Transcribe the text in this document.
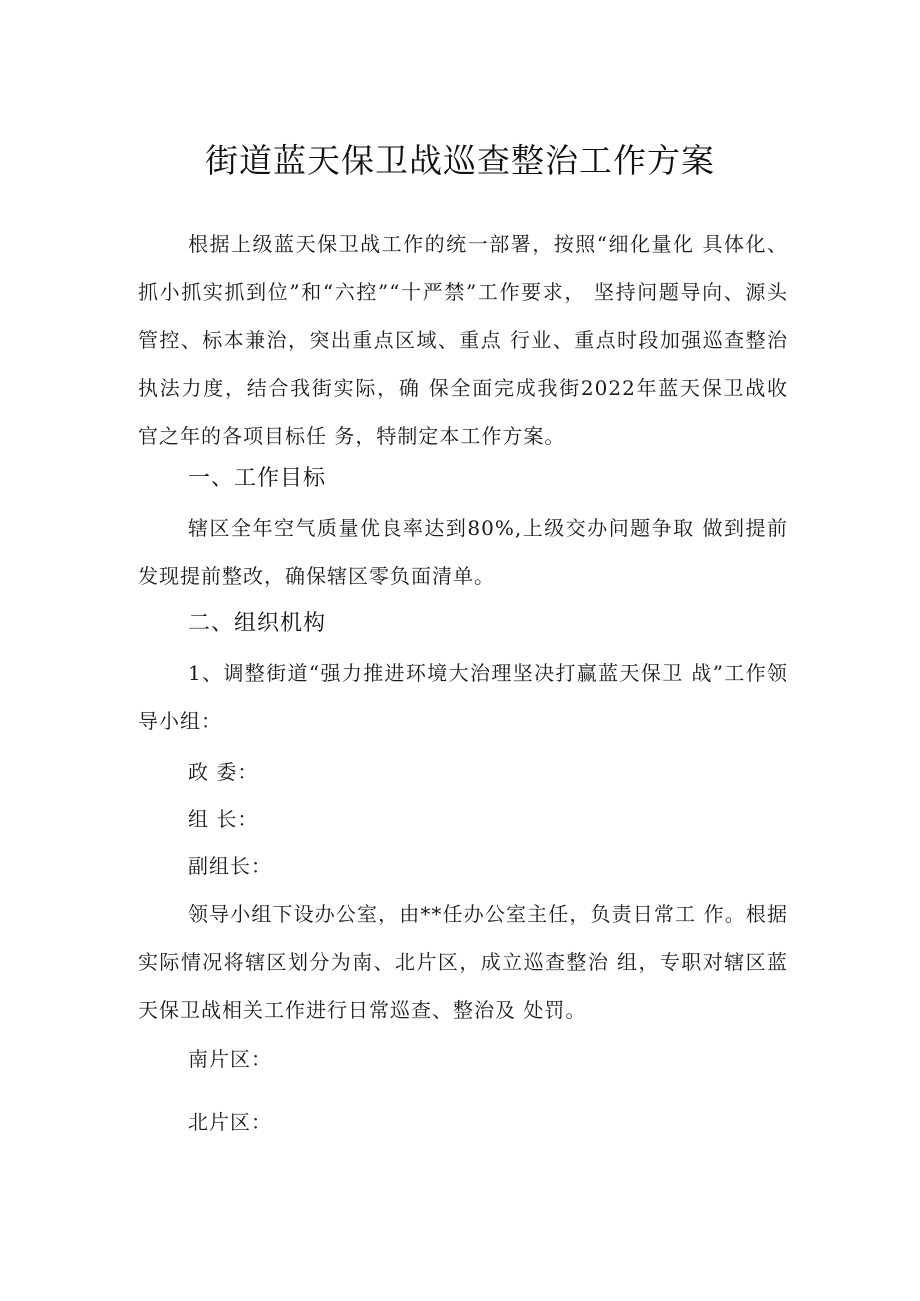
街道蓝天保卫战巡查整治工作方案

根据上级蓝天保卫战工作的统一部署，按照“细化量化 具体化、抓小抓实抓到位”和“六控”“十严禁”工作要求， 坚持问题导向、源头管控、标本兼治，突出重点区域、重点 行业、重点时段加强巡查整治执法力度，结合我街实际，确 保全面完成我街2022年蓝天保卫战收官之年的各项目标任 务，特制定本工作方案。

一、工作目标

辖区全年空气质量优良率达到80%,上级交办问题争取 做到提前发现提前整改，确保辖区零负面清单。

二、组织机构

1、调整街道“强力推进环境大治理坚决打赢蓝天保卫 战”工作领导小组：

政 委：

组 长：

副组长：

领导小组下设办公室，由**任办公室主任，负责日常工 作。根据实际情况将辖区划分为南、北片区，成立巡查整治 组，专职对辖区蓝天保卫战相关工作进行日常巡查、整治及 处罚。

南片区：

北片区：
